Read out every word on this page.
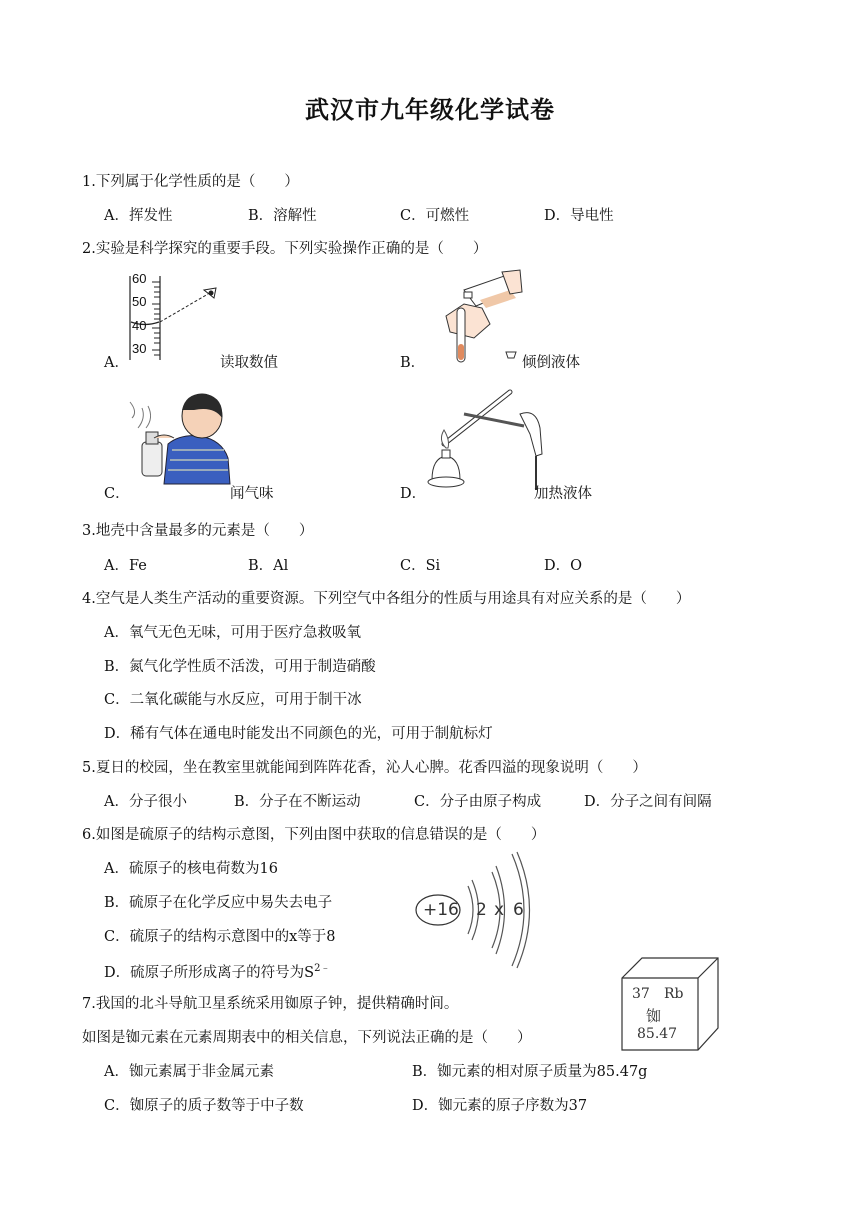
武汉市九年级化学试卷
1.下列属于化学性质的是（　　）
A．挥发性	B．溶解性	C．可燃性	D．导电性
2.实验是科学探究的重要手段。下列实验操作正确的是（　　）
A．
60
50
40
30
读取数值	B．	倾倒液体
C．	闻气味	D．	加热液体
3.地壳中含量最多的元素是（　　）
A．Fe	B．Al	C．Si	D．O
4.空气是人类生产活动的重要资源。下列空气中各组分的性质与用途具有对应关系的是（　　）
A．氧气无色无味，可用于医疗急救吸氧
B．氮气化学性质不活泼，可用于制造硝酸
C．二氧化碳能与水反应，可用于制干冰
D．稀有气体在通电时能发出不同颜色的光，可用于制航标灯
5.夏日的校园，坐在教室里就能闻到阵阵花香，沁人心脾。花香四溢的现象说明（　　）
A．分子很小	B．分子在不断运动	C．分子由原子构成	D．分子之间有间隔
6.如图是硫原子的结构示意图，下列由图中获取的信息错误的是（　　）
A．硫原子的核电荷数为16
B．硫原子在化学反应中易失去电子
C．硫原子的结构示意图中的x等于8
D．硫原子所形成离子的符号为$S^{2﹣}$
+16 2 x 6
7.我国的北斗导航卫星系统采用铷原子钟，提供精确时间。
如图是铷元素在元素周期表中的相关信息，下列说法正确的是（　　）
A．铷元素属于非金属元素	B．铷元素的相对原子质量为85.47g
C．铷原子的质子数等于中子数	D．铷元素的原子序数为37
37 Rb
铷
85.47
